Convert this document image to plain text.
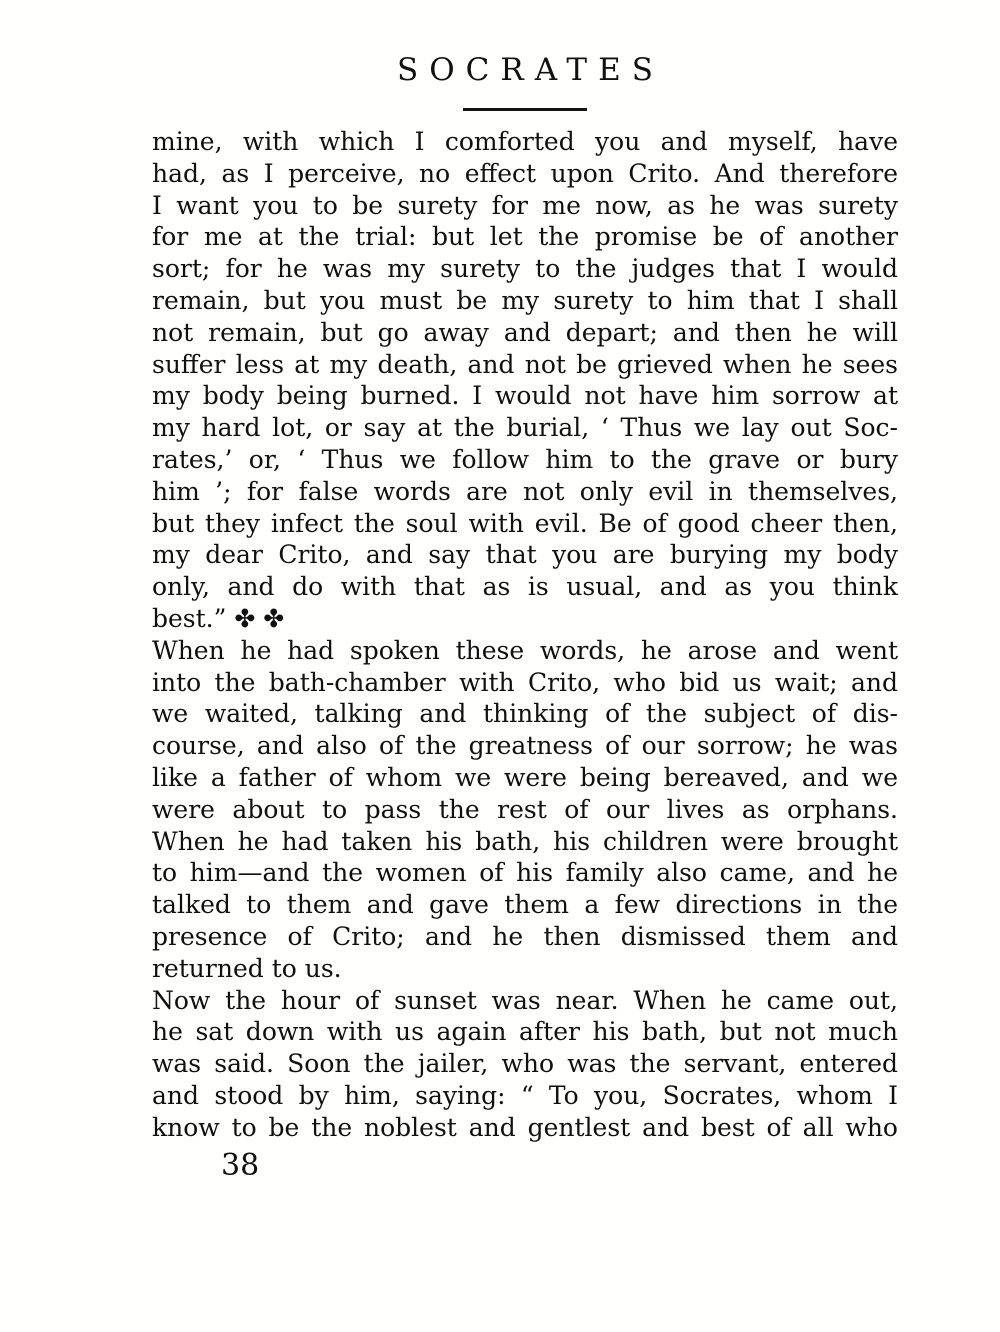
SOCRATES
mine, with which I comforted you and myself, have
had, as I perceive, no effect upon Crito. And therefore
I want you to be surety for me now, as he was surety
for me at the trial: but let the promise be of another
sort; for he was my surety to the judges that I would
remain, but you must be my surety to him that I shall
not remain, but go away and depart; and then he will
suffer less at my death, and not be grieved when he sees
my body being burned. I would not have him sorrow at
my hard lot, or say at the burial, ‘ Thus we lay out Soc-
rates,’ or, ‘ Thus we follow him to the grave or bury
him ’; for false words are not only evil in themselves,
but they infect the soul with evil. Be of good cheer then,
my dear Crito, and say that you are burying my body
only, and do with that as is usual, and as you think
best.” ✤ ✤
When he had spoken these words, he arose and went
into the bath-chamber with Crito, who bid us wait; and
we waited, talking and thinking of the subject of dis-
course, and also of the greatness of our sorrow; he was
like a father of whom we were being bereaved, and we
were about to pass the rest of our lives as orphans.
When he had taken his bath, his children were brought
to him—and the women of his family also came, and he
talked to them and gave them a few directions in the
presence of Crito; and he then dismissed them and
returned to us.
Now the hour of sunset was near. When he came out,
he sat down with us again after his bath, but not much
was said. Soon the jailer, who was the servant, entered
and stood by him, saying: “ To you, Socrates, whom I
know to be the noblest and gentlest and best of all who
38
